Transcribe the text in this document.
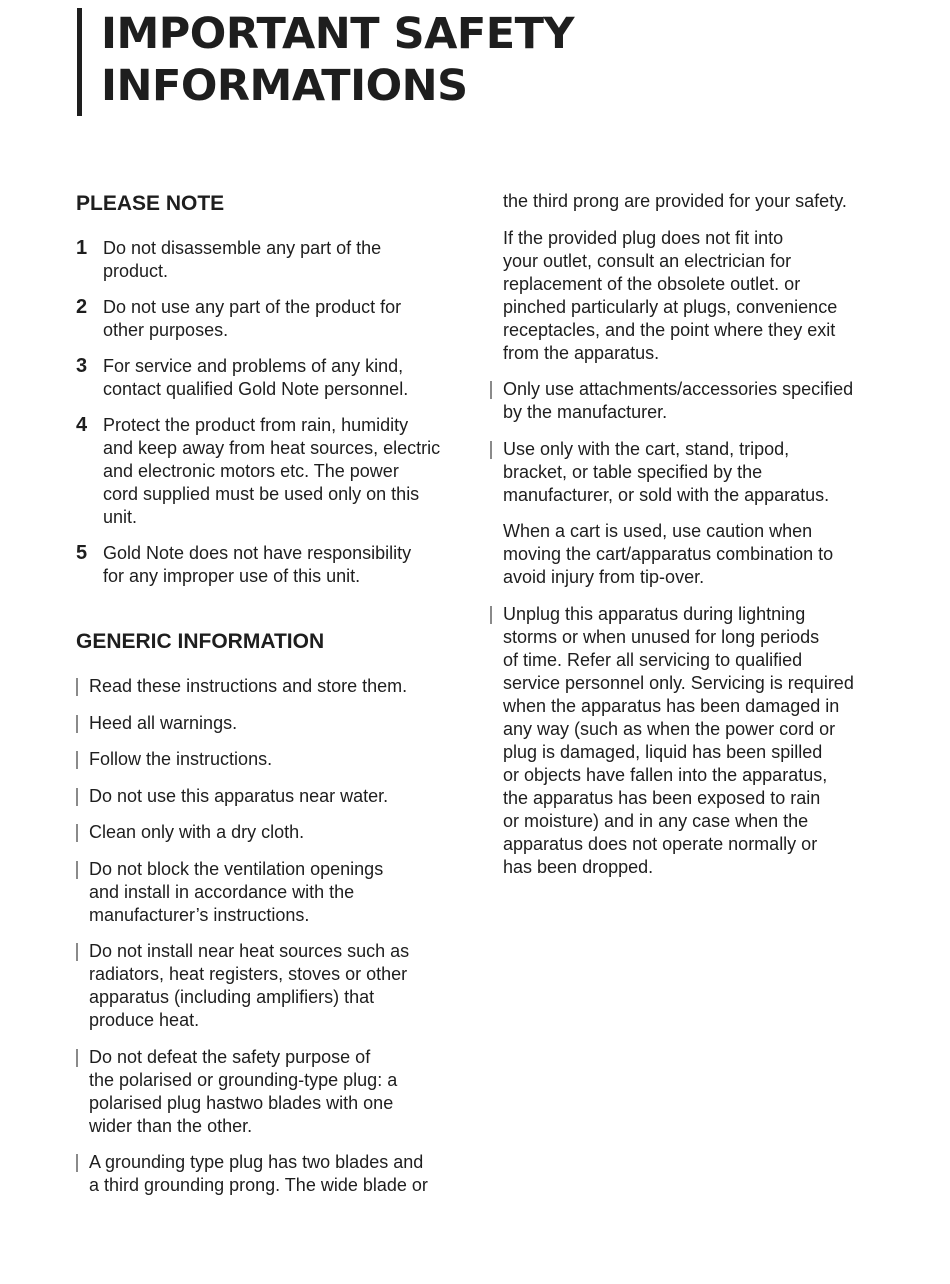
IMPORTANT SAFETY
INFORMATIONS
PLEASE NOTE
1 Do not disassemble any part of the
product.
2 Do not use any part of the product for
other purposes.
3 For service and problems of any kind,
contact qualified Gold Note personnel.
4 Protect the product from rain, humidity
and keep away from heat sources, electric
and electronic motors etc. The power
cord supplied must be used only on this
unit.
5 Gold Note does not have responsibility
for any improper use of this unit.
GENERIC INFORMATION
Read these instructions and store them.
Heed all warnings.
Follow the instructions.
Do not use this apparatus near water.
Clean only with a dry cloth.
Do not block the ventilation openings
and install in accordance with the
manufacturer’s instructions.
Do not install near heat sources such as
radiators, heat registers, stoves or other
apparatus (including amplifiers) that
produce heat.
Do not defeat the safety purpose of
the polarised or grounding-type plug: a
polarised plug hastwo blades with one
wider than the other.
A grounding type plug has two blades and
a third grounding prong. The wide blade or
the third prong are provided for your safety.
If the provided plug does not fit into
your outlet, consult an electrician for
replacement of the obsolete outlet. or
pinched particularly at plugs, convenience
receptacles, and the point where they exit
from the apparatus.
Only use attachments/accessories specified
by the manufacturer.
Use only with the cart, stand, tripod,
bracket, or table specified by the
manufacturer, or sold with the apparatus.
When a cart is used, use caution when
moving the cart/apparatus combination to
avoid injury from tip-over.
Unplug this apparatus during lightning
storms or when unused for long periods
of time. Refer all servicing to qualified
service personnel only. Servicing is required
when the apparatus has been damaged in
any way (such as when the power cord or
plug is damaged, liquid has been spilled
or objects have fallen into the apparatus,
the apparatus has been exposed to rain
or moisture) and in any case when the
apparatus does not operate normally or
has been dropped.
